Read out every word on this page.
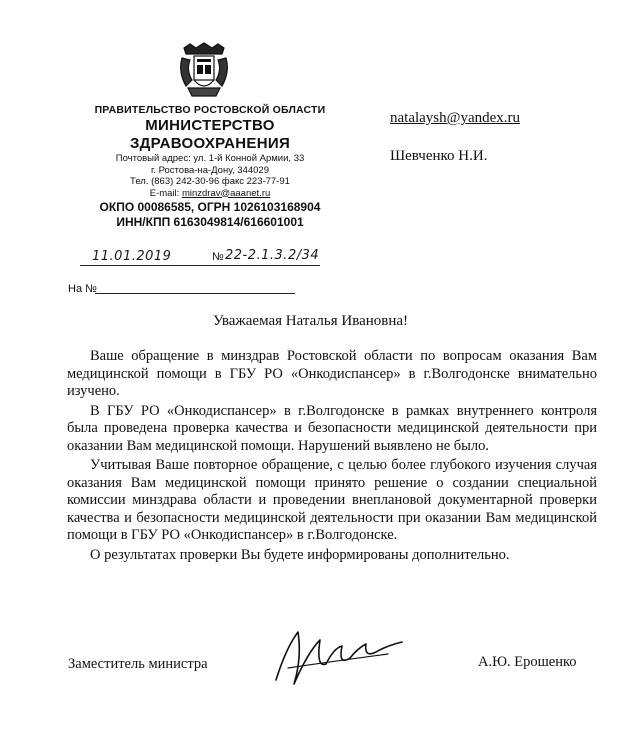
ПРАВИТЕЛЬСТВО РОСТОВСКОЙ ОБЛАСТИ
МИНИСТЕРСТВО
ЗДРАВООХРАНЕНИЯ
Почтовый адрес: ул. 1-й Конной Армии, 33
г. Ростова-на-Дону, 344029
Тел. (863) 242-30-96 факс 223-77-91
E-mail: minzdrav@aaanet.ru
ОКПО 00086585, ОГРН 1026103168904
ИНН/КПП 6163049814/616601001
natalaysh@yandex.ru
Шевченко Н.И.
11.01.2019	№ 22-2.1.3.2/34
На №
Уважаемая Наталья Ивановна!

Ваше обращение в минздрав Ростовской области по вопросам оказания Вам медицинской помощи в ГБУ РО «Онкодиспансер» в г.Волгодонске внимательно изучено.

В ГБУ РО «Онкодиспансер» в г.Волгодонске в рамках внутреннего контроля была проведена проверка качества и безопасности медицинской деятельности при оказании Вам медицинской помощи. Нарушений выявлено не было.

Учитывая Ваше повторное обращение, с целью более глубокого изучения случая оказания Вам медицинской помощи принято решение о создании специальной комиссии минздрава области и проведении внеплановой документарной проверки качества и безопасности медицинской деятельности при оказании Вам медицинской помощи в ГБУ РО «Онкодиспансер» в г.Волгодонске.

О результатах проверки Вы будете информированы дополнительно.

Заместитель министра	А.Ю. Ерошенко
